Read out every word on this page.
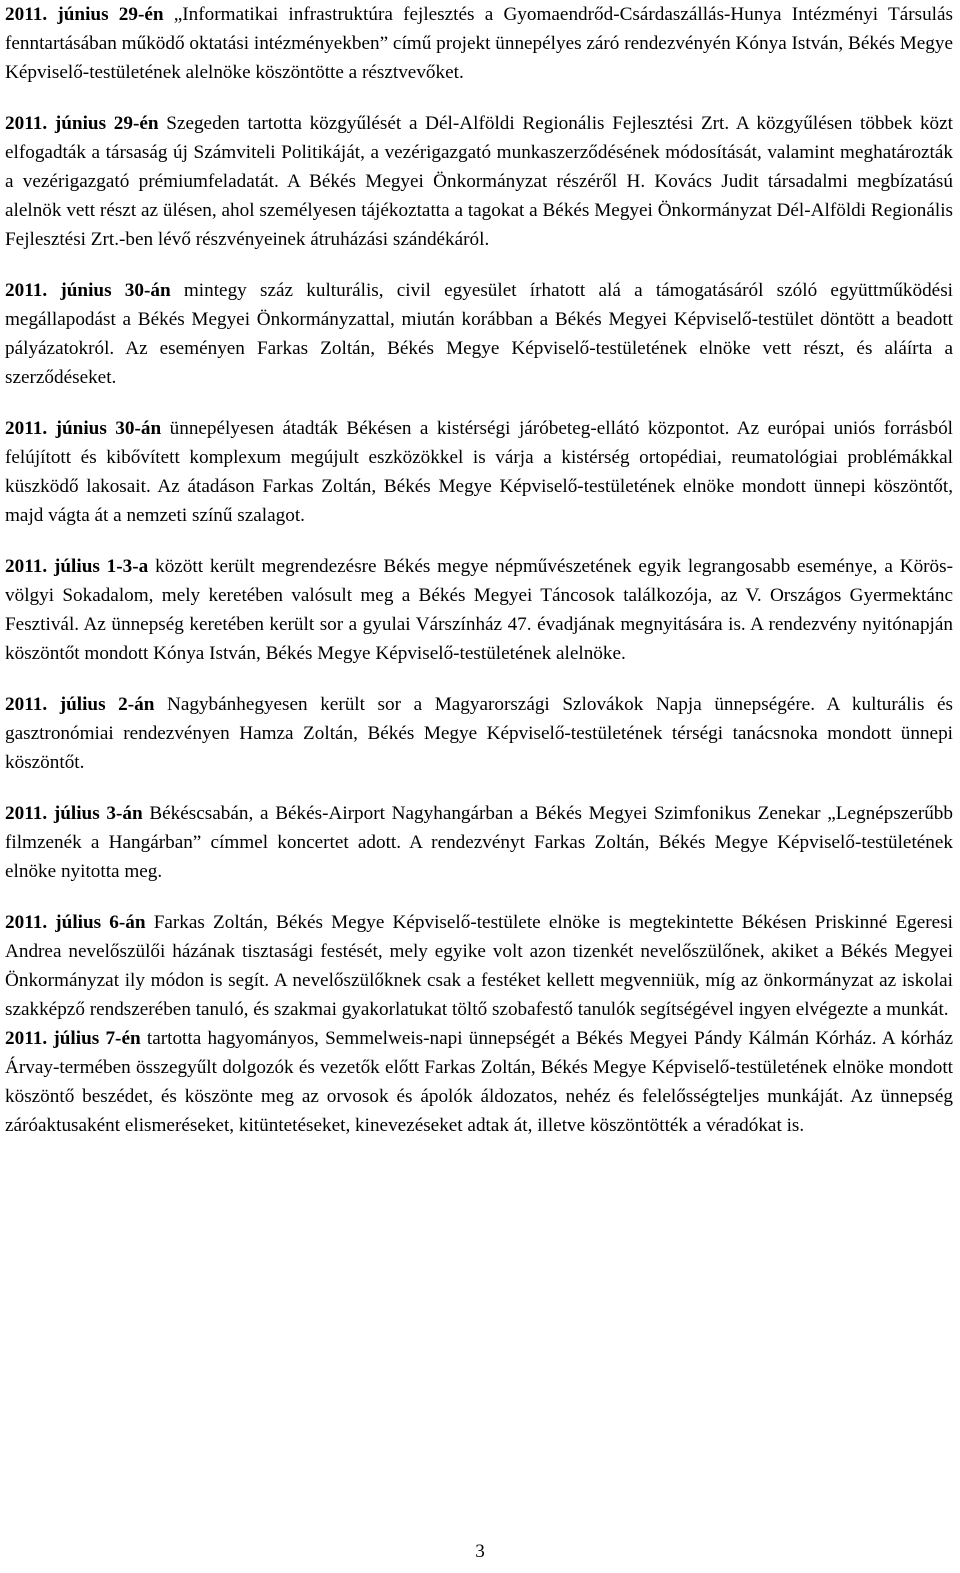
2011. június 29-én „Informatikai infrastruktúra fejlesztés a Gyomaendrőd-Csárdaszállás-Hunya Intézményi Társulás fenntartásában működő oktatási intézményekben” című projekt ünnepélyes záró rendezvényén Kónya István, Békés Megye Képviselő-testületének alelnöke köszöntötte a résztvevőket.

2011. június 29-én Szegeden tartotta közgyűlését a Dél-Alföldi Regionális Fejlesztési Zrt. A közgyűlésen többek közt elfogadták a társaság új Számviteli Politikáját, a vezérigazgató munkaszerződésének módosítását, valamint meghatározták a vezérigazgató prémiumfeladatát. A Békés Megyei Önkormányzat részéről H. Kovács Judit társadalmi megbízatású alelnök vett részt az ülésen, ahol személyesen tájékoztatta a tagokat a Békés Megyei Önkormányzat Dél-Alföldi Regionális Fejlesztési Zrt.-ben lévő részvényeinek átruházási szándékáról.

2011. június 30-án mintegy száz kulturális, civil egyesület írhatott alá a támogatásáról szóló együttműködési megállapodást a Békés Megyei Önkormányzattal, miután korábban a Békés Megyei Képviselő-testület döntött a beadott pályázatokról. Az eseményen Farkas Zoltán, Békés Megye Képviselő-testületének elnöke vett részt, és aláírta a szerződéseket.

2011. június 30-án ünnepélyesen átadták Békésen a kistérségi járóbeteg-ellátó központot. Az európai uniós forrásból felújított és kibővített komplexum megújult eszközökkel is várja a kistérség ortopédiai, reumatológiai problémákkal küszködő lakosait. Az átadáson Farkas Zoltán, Békés Megye Képviselő-testületének elnöke mondott ünnepi köszöntőt, majd vágta át a nemzeti színű szalagot.

2011. július 1-3-a között került megrendezésre Békés megye népművészetének egyik legrangosabb eseménye, a Körös-völgyi Sokadalom, mely keretében valósult meg a Békés Megyei Táncosok találkozója, az V. Országos Gyermektánc Fesztivál. Az ünnepség keretében került sor a gyulai Várszínház 47. évadjának megnyitására is. A rendezvény nyitónapján köszöntőt mondott Kónya István, Békés Megye Képviselő-testületének alelnöke.

2011. július 2-án Nagybánhegyesen került sor a Magyarországi Szlovákok Napja ünnepségére. A kulturális és gasztronómiai rendezvényen Hamza Zoltán, Békés Megye Képviselő-testületének térségi tanácsnoka mondott ünnepi köszöntőt.

2011. július 3-án Békéscsabán, a Békés-Airport Nagyhangárban a Békés Megyei Szimfonikus Zenekar „Legnépszerűbb filmzenék a Hangárban” címmel koncertet adott. A rendezvényt Farkas Zoltán, Békés Megye Képviselő-testületének elnöke nyitotta meg.

2011. július 6-án Farkas Zoltán, Békés Megye Képviselő-testülete elnöke is megtekintette Békésen Priskinné Egeresi Andrea nevelőszülői házának tisztasági festését, mely egyike volt azon tizenkét nevelőszülőnek, akiket a Békés Megyei Önkormányzat ily módon is segít. A nevelőszülőknek csak a festéket kellett megvenniük, míg az önkormányzat az iskolai szakképző rendszerében tanuló, és szakmai gyakorlatukat töltő szobafestő tanulók segítségével ingyen elvégezte a munkát.

2011. július 7-én tartotta hagyományos, Semmelweis-napi ünnepségét a Békés Megyei Pándy Kálmán Kórház. A kórház Árvay-termében összegyűlt dolgozók és vezetők előtt Farkas Zoltán, Békés Megye Képviselő-testületének elnöke mondott köszöntő beszédet, és köszönte meg az orvosok és ápolók áldozatos, nehéz és felelősségteljes munkáját. Az ünnepség záróaktusaként elismeréseket, kitüntetéseket, kinevezéseket adtak át, illetve köszöntötték a véradókat is.

3
